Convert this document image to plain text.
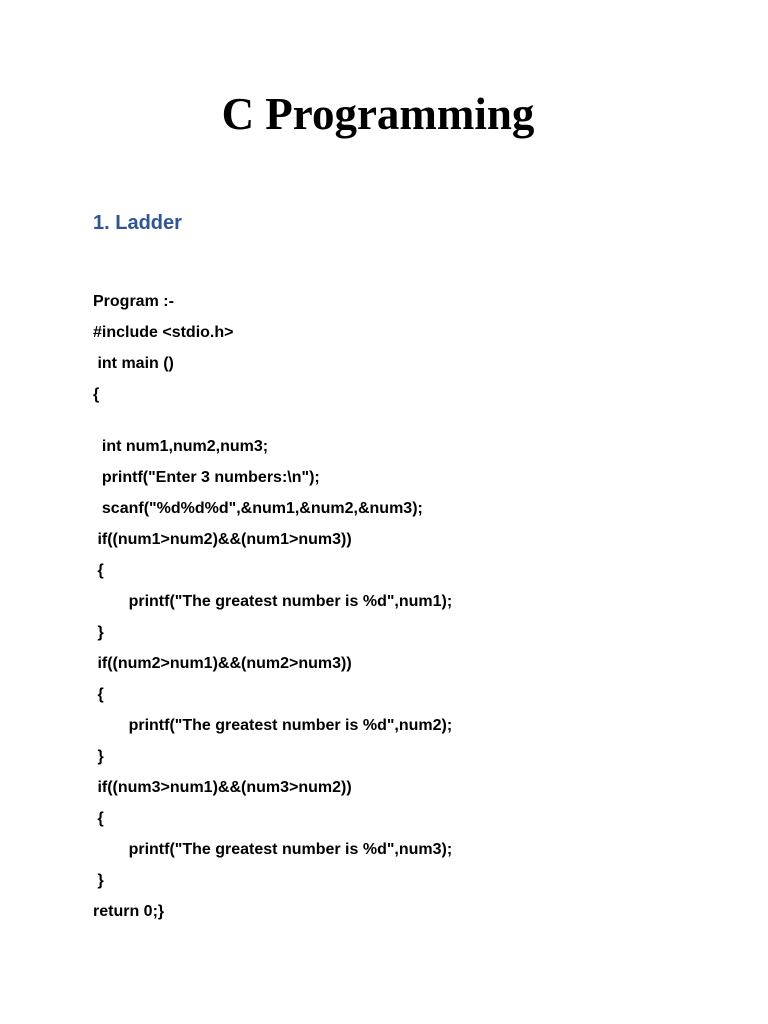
C Programming
1. Ladder
Program :-
#include <stdio.h>
int main ()
{
int num1,num2,num3;
printf("Enter 3 numbers:\n");
scanf("%d%d%d",&num1,&num2,&num3);
if((num1>num2)&&(num1>num3))
{
printf("The greatest number is %d",num1);
}
if((num2>num1)&&(num2>num3))
{
printf("The greatest number is %d",num2);
}
if((num3>num1)&&(num3>num2))
{
printf("The greatest number is %d",num3);
}
return 0;}
